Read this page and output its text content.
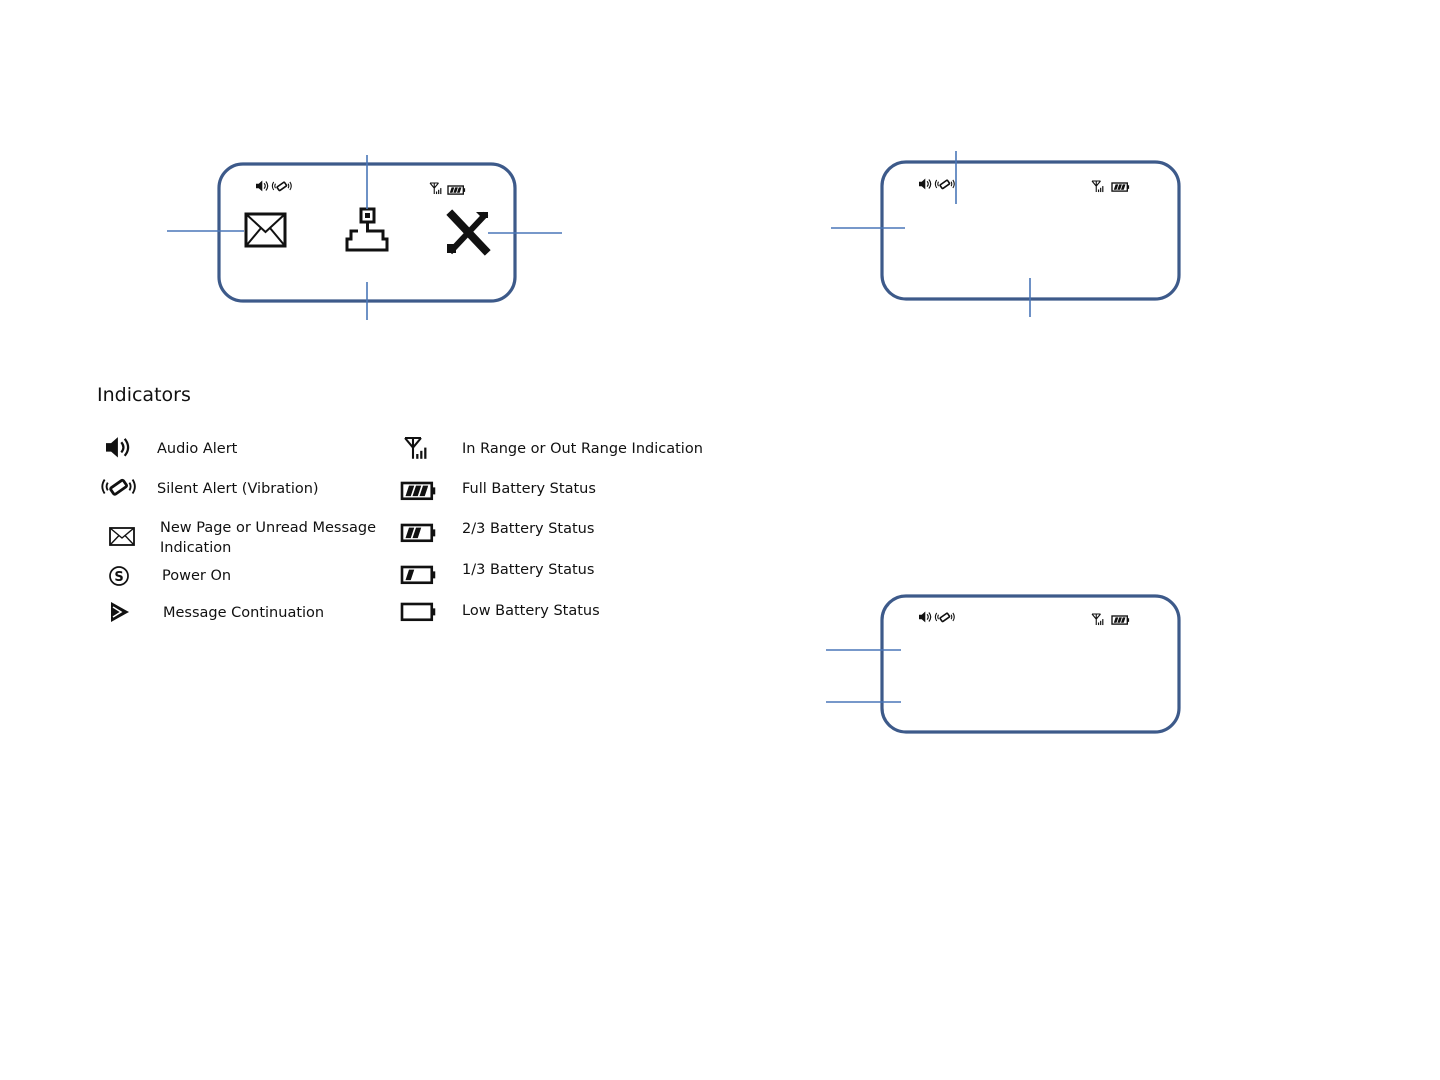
S
Indicators
Audio Alert
Silent Alert (Vibration)
New Page or Unread Message
Indication
Power On
Message Continuation
In Range or Out Range Indication
Full Battery Status
2/3 Battery Status
1/3 Battery Status
Low Battery Status
